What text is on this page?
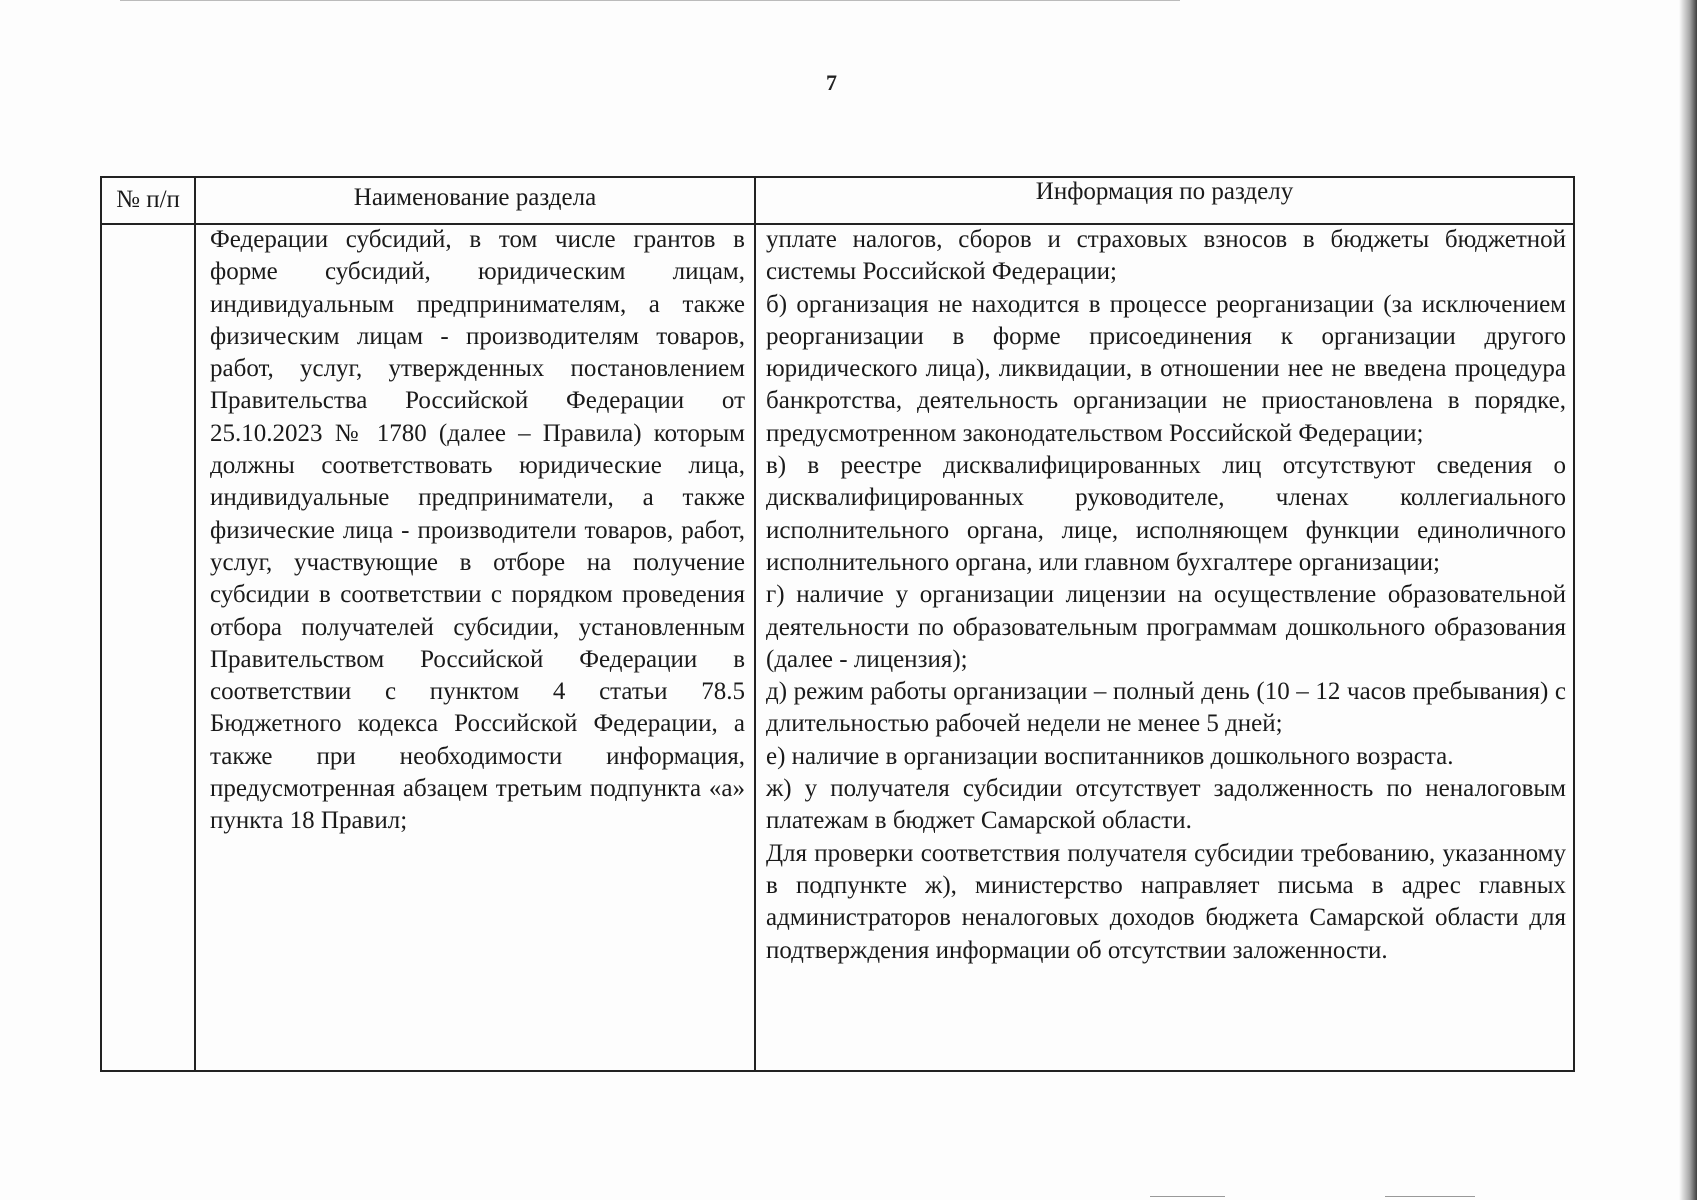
7
№ п/п	Наименование раздела	Информация по разделу
Федерации субсидий, в том числе грантов в форме субсидий, юридическим лицам, индивидуальным предпринимателям, а также физическим лицам - производителям товаров, работ, услуг, утвержденных постановлением Правительства Российской Федерации от 25.10.2023 № 1780 (далее – Правила) которым должны соответствовать юридические лица, индивидуальные предприниматели, а также физические лица - производители товаров, работ, услуг, участвующие в отборе на получение субсидии в соответствии с порядком проведения отбора получателей субсидии, установленным Правительством Российской Федерации в соответствии с пунктом 4 статьи 78.5 Бюджетного кодекса Российской Федерации, а также при необходимости информация, предусмотренная абзацем третьим подпункта «а» пункта 18 Правил;

уплате налогов, сборов и страховых взносов в бюджеты бюджетной системы Российской Федерации;

б) организация не находится в процессе реорганизации (за исключением реорганизации в форме присоединения к организации другого юридического лица), ликвидации, в отношении нее не введена процедура банкротства, деятельность организации не приостановлена в порядке, предусмотренном законодательством Российской Федерации;

в) в реестре дисквалифицированных лиц отсутствуют сведения о дисквалифицированных руководителе, членах коллегиального исполнительного органа, лице, исполняющем функции единоличного исполнительного органа, или главном бухгалтере организации;

г) наличие у организации лицензии на осуществление образовательной деятельности по образовательным программам дошкольного образования (далее - лицензия);

д) режим работы организации – полный день (10 – 12 часов пребывания) с длительностью рабочей недели не менее 5 дней;

е) наличие в организации воспитанников дошкольного возраста.

ж) у получателя субсидии отсутствует задолженность по неналоговым платежам в бюджет Самарской области.

Для проверки соответствия получателя субсидии требованию, указанному в подпункте ж), министерство направляет письма в адрес главных администраторов неналоговых доходов бюджета Самарской области для подтверждения информации об отсутствии заложенности.
